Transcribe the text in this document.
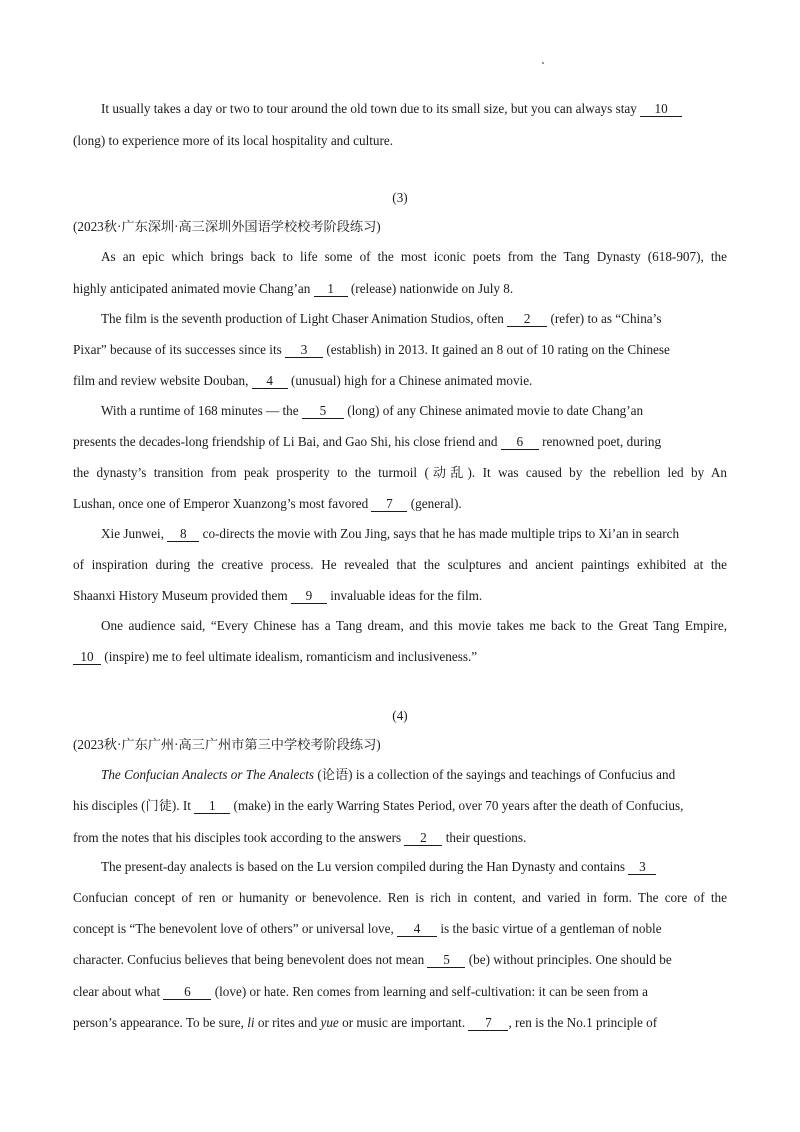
It usually takes a day or two to tour around the old town due to its small size, but you can always stay 10
(long) to experience more of its local hospitality and culture.
(3)
(2023秋·广东深圳·高三深圳外国语学校校考阶段练习)
As an epic which brings back to life some of the most iconic poets from the Tang Dynasty (618-907), the
highly anticipated animated movie Chang’an 1 (release) nationwide on July 8.
The film is the seventh production of Light Chaser Animation Studios, often 2 (refer) to as “China’s
Pixar” because of its successes since its 3 (establish) in 2013. It gained an 8 out of 10 rating on the Chinese
film and review website Douban, 4 (unusual) high for a Chinese animated movie.
With a runtime of 168 minutes — the 5 (long) of any Chinese animated movie to date Chang’an
presents the decades-long friendship of Li Bai, and Gao Shi, his close friend and 6 renowned poet, during
the dynasty’s transition from peak prosperity to the turmoil (动乱). It was caused by the rebellion led by An
Lushan, once one of Emperor Xuanzong’s most favored 7 (general).
Xie Junwei, 8 co-directs the movie with Zou Jing, says that he has made multiple trips to Xi’an in search
of inspiration during the creative process. He revealed that the sculptures and ancient paintings exhibited at the
Shaanxi History Museum provided them 9 invaluable ideas for the film.
One audience said, “Every Chinese has a Tang dream, and this movie takes me back to the Great Tang Empire,
10 (inspire) me to feel ultimate idealism, romanticism and inclusiveness.”
(4)
(2023秋·广东广州·高三广州市第三中学校考阶段练习)
The Confucian Analects or The Analects (论语) is a collection of the sayings and teachings of Confucius and
his disciples (门徒). It 1 (make) in the early Warring States Period, over 70 years after the death of Confucius,
from the notes that his disciples took according to the answers 2 their questions.
The present-day analects is based on the Lu version compiled during the Han Dynasty and contains 3
Confucian concept of ren or humanity or benevolence. Ren is rich in content, and varied in form. The core of the
concept is “The benevolent love of others” or universal love, 4 is the basic virtue of a gentleman of noble
character. Confucius believes that being benevolent does not mean 5 (be) without principles. One should be
clear about what 6 (love) or hate. Ren comes from learning and self-cultivation: it can be seen from a
person’s appearance. To be sure, li or rites and yue or music are important. 7 , ren is the No.1 principle of
